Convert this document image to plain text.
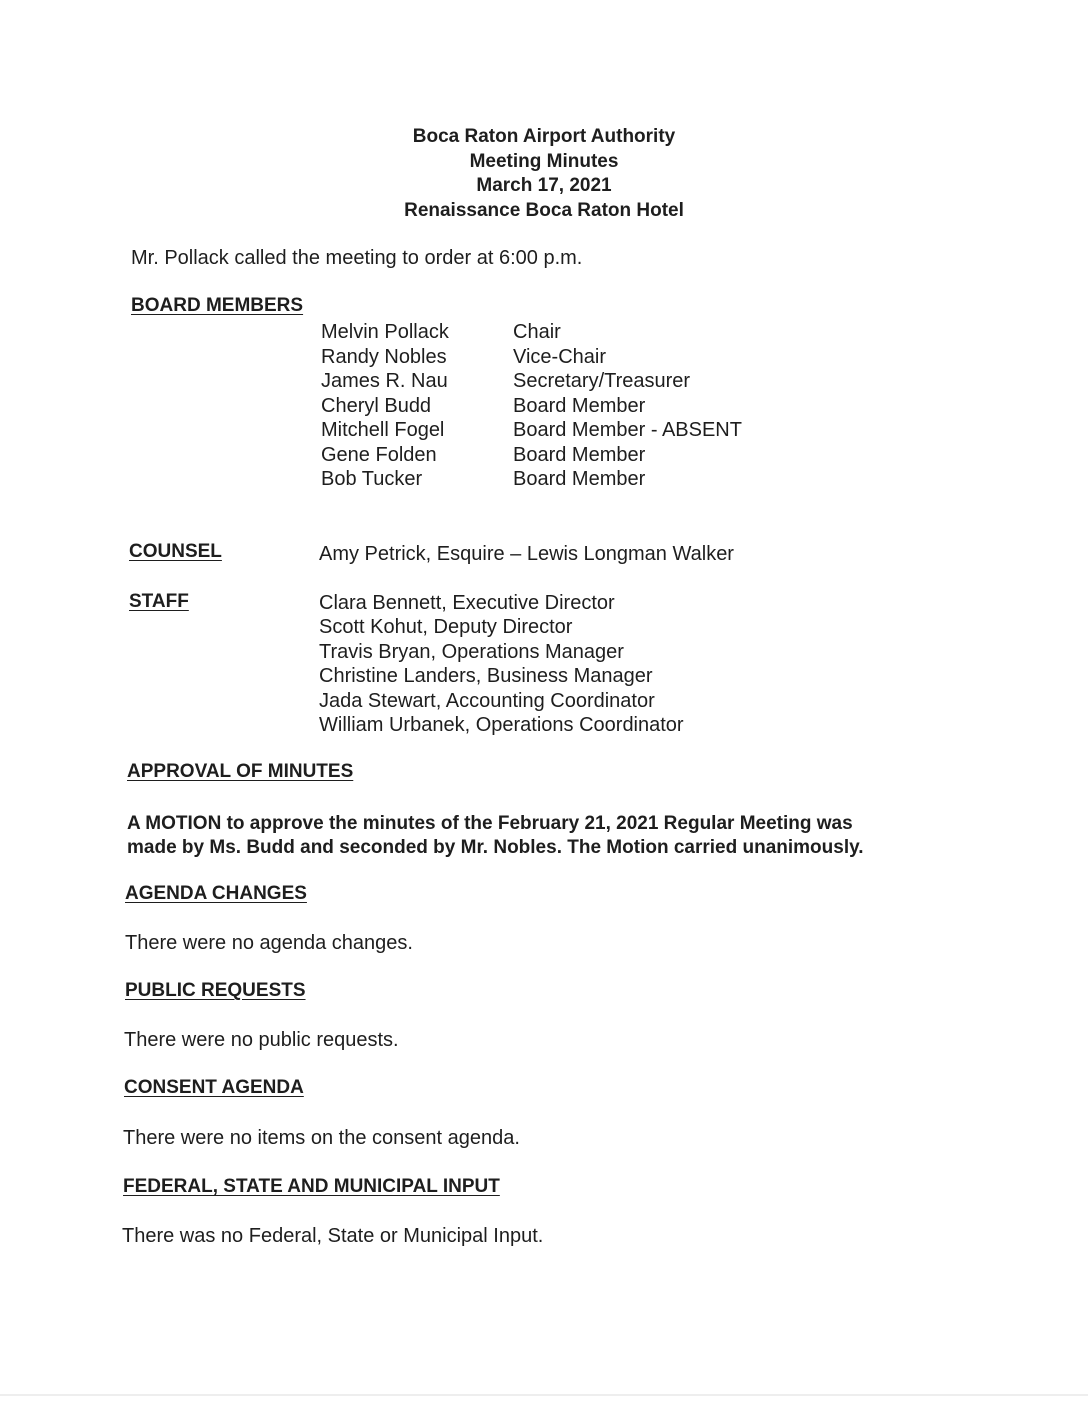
Boca Raton Airport Authority
Meeting Minutes
March 17, 2021
Renaissance Boca Raton Hotel
Mr. Pollack called the meeting to order at 6:00 p.m.
BOARD MEMBERS
Melvin Pollack	Chair
Randy Nobles	Vice-Chair
James R. Nau	Secretary/Treasurer
Cheryl Budd	Board Member
Mitchell Fogel	Board Member - ABSENT
Gene Folden	Board Member
Bob Tucker	Board Member
COUNSEL	Amy Petrick, Esquire – Lewis Longman Walker
STAFF	Clara Bennett, Executive Director
Scott Kohut, Deputy Director
Travis Bryan, Operations Manager
Christine Landers, Business Manager
Jada Stewart, Accounting Coordinator
William Urbanek, Operations Coordinator
APPROVAL OF MINUTES
A MOTION to approve the minutes of the February 21, 2021 Regular Meeting was
made by Ms. Budd and seconded by Mr. Nobles. The Motion carried unanimously.
AGENDA CHANGES
There were no agenda changes.
PUBLIC REQUESTS
There were no public requests.
CONSENT AGENDA
There were no items on the consent agenda.
FEDERAL, STATE AND MUNICIPAL INPUT
There was no Federal, State or Municipal Input.
